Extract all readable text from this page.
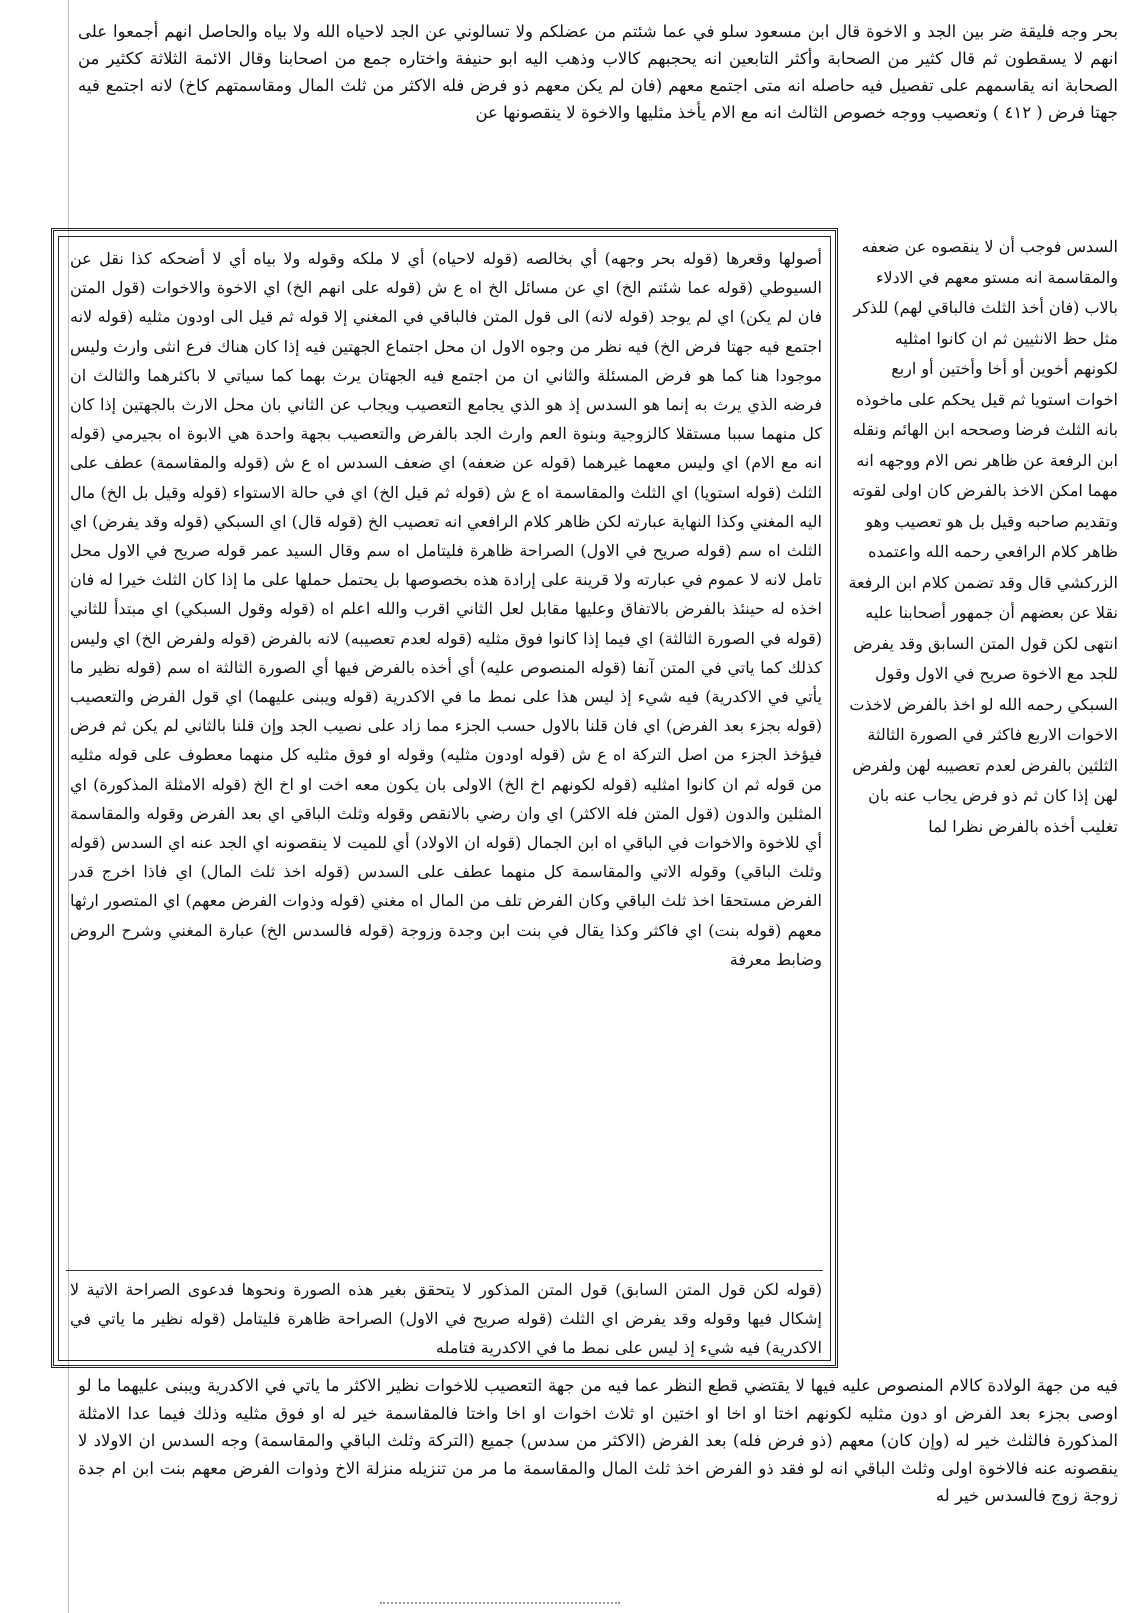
بحر وجه فليقة ضر بين الجد و الاخوة قال ابن مسعود سلو في عما شئتم من عضلكم ولا تسالوني عن الجد لاحياه الله ولا بياه والحاصل انهم أجمعوا على انهم لا يسقطون ثم قال كثير من الصحابة وأكثر التابعين انه يحجبهم كالاب وذهب اليه ابو حنيفة واختاره جمع من اصحابنا وقال الائمة الثلاثة ككثير من الصحابة انه يقاسمهم على تفصيل فيه حاصله انه متى اجتمع معهم (فان لم يكن معهم ذو فرض فله الاكثر من ثلث المال ومقاسمتهم كاخ) لانه اجتمع فيه جهتا فرض ( ٤١٢ ) وتعصيب ووجه خصوص الثالث انه مع الام يأخذ مثليها والاخوة لا ينقصونها عن

أصولها وقعرها (قوله بحر وجهه) أي بخالصه (قوله لاحياه) أي لا ملكه وقوله ولا بياه أي لا أضحكه كذا نقل عن السيوطي (قوله عما شئتم الخ) اي عن مسائل الخ اه ع ش (قوله على انهم الخ) اي الاخوة والاخوات (قول المتن فان لم يكن) اي لم يوجد (قوله لانه) الى قول المتن فالباقي في المغني إلا قوله ثم قيل الى اودون مثليه (قوله لانه اجتمع فيه جهتا فرض الخ) فيه نظر من وجوه الاول ان محل اجتماع الجهتين فيه إذا كان هناك فرع انثى وارث وليس موجودا هنا كما هو فرض المسئلة والثاني ان من اجتمع فيه الجهتان يرث بهما كما سياتي لا باكثرهما والثالث ان فرضه الذي يرث به إنما هو السدس إذ هو الذي يجامع التعصيب ويجاب عن الثاني بان محل الارث بالجهتين إذا كان كل منهما سببا مستقلا كالزوجية وبنوة العم وارث الجد بالفرض والتعصيب بجهة واحدة هي الابوة اه بجيرمي (قوله انه مع الام) اي وليس معهما غيرهما (قوله عن ضعفه) اي ضعف السدس اه ع ش (قوله والمقاسمة) عطف على الثلث (قوله استويا) اي الثلث والمقاسمة اه ع ش (قوله ثم قيل الخ) اي في حالة الاستواء (قوله وقيل بل الخ) مال اليه المغني وكذا النهاية عبارته لكن ظاهر كلام الرافعي انه تعصيب الخ (قوله قال) اي السبكي (قوله وقد يفرض) اي الثلث اه سم (قوله صريح في الاول) الصراحة ظاهرة فليتامل اه سم وقال السيد عمر قوله صريح في الاول محل تامل لانه لا عموم في عبارته ولا قرينة على إرادة هذه بخصوصها بل يحتمل حملها على ما إذا كان الثلث خيرا له فان اخذه له حينئذ بالفرض بالاتفاق وعليها مقابل لعل الثاني اقرب والله اعلم اه (قوله وقول السبكي) اي مبتدأ للثاني (قوله في الصورة الثالثة) اي فيما إذا كانوا فوق مثليه (قوله لعدم تعصيبه) لانه بالفرض (قوله ولفرض الخ) اي وليس كذلك كما ياتي في المتن آنفا (قوله المنصوص عليه) أي أخذه بالفرض فيها أي الصورة الثالثة اه سم (قوله نظير ما يأتي في الاكدرية) فيه شيء إذ ليس هذا على نمط ما في الاكدرية (قوله ويبنى عليهما) اي قول الفرض والتعصيب (قوله بجزء بعد الفرض) اي فان قلنا بالاول حسب الجزء مما زاد على نصيب الجد وإن قلنا بالثاني لم يكن ثم فرض فيؤخذ الجزء من اصل التركة اه ع ش (قوله اودون مثليه) وقوله او فوق مثليه كل منهما معطوف على قوله مثليه من قوله ثم ان كانوا امثليه (قوله لكونهم اخ الخ) الاولى بان يكون معه اخت او اخ الخ (قوله الامثلة المذكورة) اي المثلين والدون (قول المتن فله الاكثر) اي وان رضي بالانقص وقوله وثلث الباقي اي بعد الفرض وقوله والمقاسمة أي للاخوة والاخوات في الباقي اه ابن الجمال (قوله ان الاولاد) أي للميت لا ينقصونه اي الجد عنه اي السدس (قوله وثلث الباقي) وقوله الاتي والمقاسمة كل منهما عطف على السدس (قوله اخذ ثلث المال) اي فاذا اخرج قدر الفرض مستحقا اخذ ثلث الباقي وكان الفرض تلف من المال اه مغني (قوله وذوات الفرض معهم) اي المتصور ارثها معهم (قوله بنت) اي فاكثر وكذا يقال في بنت ابن وجدة وزوجة (قوله فالسدس الخ) عبارة المغني وشرح الروض وضابط معرفة

(قوله لكن قول المتن السابق) قول المتن المذكور لا يتحقق بغير هذه الصورة ونحوها فدعوى الصراحة الاتية لا إشكال فيها وقوله وقد يفرض اي الثلث (قوله صريح في الاول) الصراحة ظاهرة فليتامل (قوله نظير ما ياتي في الاكدرية) فيه شيء إذ ليس على نمط ما في الاكدرية فتامله

السدس فوجب أن لا ينقصوه عن ضعفه والمقاسمة انه مستو معهم في الادلاء بالاب (فان أخذ الثلث فالباقي لهم) للذكر مثل حظ الانثيين ثم ان كانوا امثليه لكونهم أخوين أو أخا وأختين أو اربع اخوات استويا ثم قيل يحكم على ماخوذه بانه الثلث فرضا وصححه ابن الهائم ونقله ابن الرفعة عن ظاهر نص الام ووجهه انه مهما امكن الاخذ بالفرض كان اولى لقوته وتقديم صاحبه وقيل بل هو تعصيب وهو ظاهر كلام الرافعي رحمه الله واعتمده الزركشي قال وقد تضمن كلام ابن الرفعة نقلا عن بعضهم أن جمهور أصحابنا عليه انتهى لكن قول المتن السابق وقد يفرض للجد مع الاخوة صريح في الاول وقول السبكي رحمه الله لو اخذ بالفرض لاخذت الاخوات الاربع فاكثر في الصورة الثالثة الثلثين بالفرض لعدم تعصيبه لهن ولفرض لهن إذا كان ثم ذو فرض يجاب عنه بان تغليب أخذه بالفرض نظرا لما

فيه من جهة الولادة كالام المنصوص عليه فيها لا يقتضي قطع النظر عما فيه من جهة التعصيب للاخوات نظير الاكثر ما ياتي في الاكدرية ويبنى عليهما ما لو اوصى بجزء بعد الفرض او دون مثليه لكونهم اختا او اخا او اختين او ثلاث اخوات او اخا واختا فالمقاسمة خير له او فوق مثليه وذلك فيما عدا الامثلة المذكورة فالثلث خير له (وإن كان) معهم (ذو فرض فله) بعد الفرض (الاكثر من سدس) جميع (التركة وثلث الباقي والمقاسمة) وجه السدس ان الاولاد لا ينقصونه عنه فالاخوة اولى وثلث الباقي انه لو فقد ذو الفرض اخذ ثلث المال والمقاسمة ما مر من تنزيله منزلة الاخ وذوات الفرض معهم بنت ابن ام جدة زوجة زوج فالسدس خير له
